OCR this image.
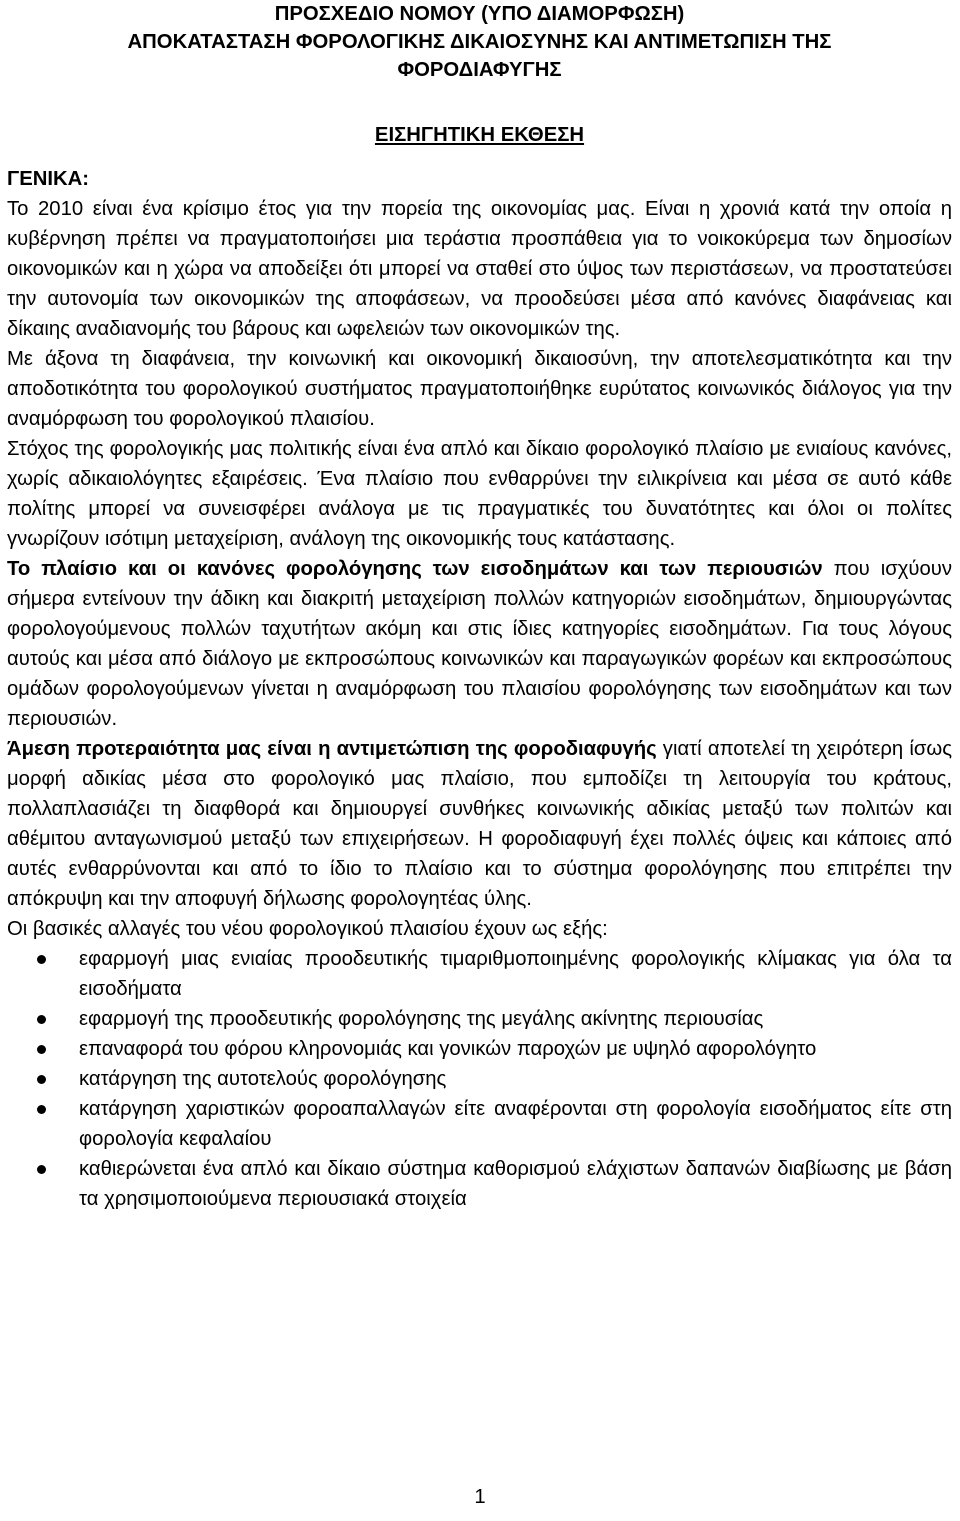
ΠΡΟΣΧΕΔΙΟ ΝΟΜΟΥ (ΥΠΟ ΔΙΑΜΟΡΦΩΣΗ)

ΑΠΟΚΑΤΑΣΤΑΣΗ ΦΟΡΟΛΟΓΙΚΗΣ ΔΙΚΑΙΟΣΥΝΗΣ ΚΑΙ ΑΝΤΙΜΕΤΩΠΙΣΗ ΤΗΣ

ΦΟΡΟΔΙΑΦΥΓΗΣ

ΕΙΣΗΓΗΤΙΚΗ ΕΚΘΕΣΗ

ΓΕΝΙΚΑ:

Το 2010 είναι ένα κρίσιμο έτος για την πορεία της οικονομίας μας. Είναι η χρονιά κατά την οποία η κυβέρνηση πρέπει να πραγματοποιήσει μια τεράστια προσπάθεια για το νοικοκύρεμα των δημοσίων οικονομικών και η χώρα να αποδείξει ότι μπορεί να σταθεί στο ύψος των περιστάσεων, να προστατεύσει την αυτονομία των οικονομικών της αποφάσεων, να προοδεύσει μέσα από κανόνες διαφάνειας και δίκαιης αναδιανομής του βάρους και ωφελειών των οικονομικών της.

Με άξονα τη διαφάνεια, την κοινωνική και οικονομική δικαιοσύνη, την αποτελεσματικότητα και την αποδοτικότητα του φορολογικού συστήματος πραγματοποιήθηκε ευρύτατος κοινωνικός διάλογος για την αναμόρφωση του φορολογικού πλαισίου.

Στόχος της φορολογικής μας πολιτικής είναι ένα απλό και δίκαιο φορολογικό πλαίσιο με ενιαίους κανόνες, χωρίς αδικαιολόγητες εξαιρέσεις. Ένα πλαίσιο που ενθαρρύνει την ειλικρίνεια και μέσα σε αυτό κάθε πολίτης μπορεί να συνεισφέρει ανάλογα με τις πραγματικές του δυνατότητες και όλοι οι πολίτες γνωρίζουν ισότιμη μεταχείριση, ανάλογη της οικονομικής τους κατάστασης.

Το πλαίσιο και οι κανόνες φορολόγησης των εισοδημάτων και των περιουσιών που ισχύουν σήμερα εντείνουν την άδικη και διακριτή μεταχείριση πολλών κατηγοριών εισοδημάτων, δημιουργώντας φορολογούμενους πολλών ταχυτήτων ακόμη και στις ίδιες κατηγορίες εισοδημάτων. Για τους λόγους αυτούς και μέσα από διάλογο με εκπροσώπους κοινωνικών και παραγωγικών φορέων και εκπροσώπους ομάδων φορολογούμενων γίνεται η αναμόρφωση του πλαισίου φορολόγησης των εισοδημάτων και των περιουσιών.

Άμεση προτεραιότητα μας είναι η αντιμετώπιση της φοροδιαφυγής γιατί αποτελεί τη χειρότερη ίσως μορφή αδικίας μέσα στο φορολογικό μας πλαίσιο, που εμποδίζει τη λειτουργία του κράτους, πολλαπλασιάζει τη διαφθορά και δημιουργεί συνθήκες κοινωνικής αδικίας μεταξύ των πολιτών και αθέμιτου ανταγωνισμού μεταξύ των επιχειρήσεων. Η φοροδιαφυγή έχει πολλές όψεις και κάποιες από αυτές ενθαρρύνονται και από το ίδιο το πλαίσιο και το σύστημα φορολόγησης που επιτρέπει την απόκρυψη και την αποφυγή δήλωσης φορολογητέας ύλης.

Οι βασικές αλλαγές του νέου φορολογικού πλαισίου έχουν ως εξής:

εφαρμογή μιας ενιαίας προοδευτικής τιμαριθμοποιημένης φορολογικής κλίμακας για όλα τα εισοδήματα
εφαρμογή της προοδευτικής φορολόγησης της μεγάλης ακίνητης περιουσίας
επαναφορά του φόρου κληρονομιάς και γονικών παροχών με υψηλό αφορολόγητο
κατάργηση της αυτοτελούς φορολόγησης
κατάργηση χαριστικών φοροαπαλλαγών είτε αναφέρονται στη φορολογία εισοδήματος είτε στη φορολογία κεφαλαίου
καθιερώνεται ένα απλό και δίκαιο σύστημα καθορισμού ελάχιστων δαπανών διαβίωσης με βάση τα χρησιμοποιούμενα περιουσιακά στοιχεία
1
